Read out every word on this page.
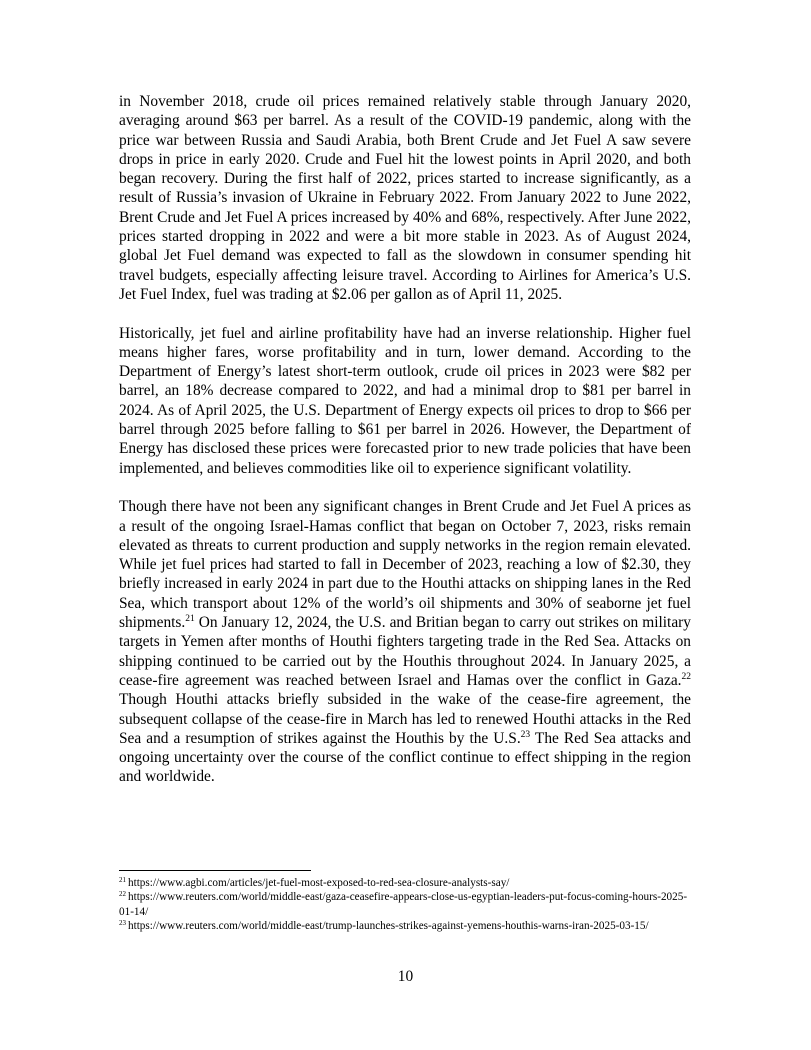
in November 2018, crude oil prices remained relatively stable through January 2020, averaging around $63 per barrel. As a result of the COVID-19 pandemic, along with the price war between Russia and Saudi Arabia, both Brent Crude and Jet Fuel A saw severe drops in price in early 2020. Crude and Fuel hit the lowest points in April 2020, and both began recovery. During the first half of 2022, prices started to increase significantly, as a result of Russia’s invasion of Ukraine in February 2022. From January 2022 to June 2022, Brent Crude and Jet Fuel A prices increased by 40% and 68%, respectively. After June 2022, prices started dropping in 2022 and were a bit more stable in 2023. As of August 2024, global Jet Fuel demand was expected to fall as the slowdown in consumer spending hit travel budgets, especially affecting leisure travel. According to Airlines for America’s U.S. Jet Fuel Index, fuel was trading at $2.06 per gallon as of April 11, 2025.

Historically, jet fuel and airline profitability have had an inverse relationship. Higher fuel means higher fares, worse profitability and in turn, lower demand. According to the Department of Energy’s latest short-term outlook, crude oil prices in 2023 were $82 per barrel, an 18% decrease compared to 2022, and had a minimal drop to $81 per barrel in 2024. As of April 2025, the U.S. Department of Energy expects oil prices to drop to $66 per barrel through 2025 before falling to $61 per barrel in 2026. However, the Department of Energy has disclosed these prices were forecasted prior to new trade policies that have been implemented, and believes commodities like oil to experience significant volatility.

Though there have not been any significant changes in Brent Crude and Jet Fuel A prices as a result of the ongoing Israel-Hamas conflict that began on October 7, 2023, risks remain elevated as threats to current production and supply networks in the region remain elevated. While jet fuel prices had started to fall in December of 2023, reaching a low of $2.30, they briefly increased in early 2024 in part due to the Houthi attacks on shipping lanes in the Red Sea, which transport about 12% of the world’s oil shipments and 30% of seaborne jet fuel shipments.$^{21}$ On January 12, 2024, the U.S. and Britian began to carry out strikes on military targets in Yemen after months of Houthi fighters targeting trade in the Red Sea. Attacks on shipping continued to be carried out by the Houthis throughout 2024. In January 2025, a cease-fire agreement was reached between Israel and Hamas over the conflict in Gaza.$^{22}$ Though Houthi attacks briefly subsided in the wake of the cease-fire agreement, the subsequent collapse of the cease-fire in March has led to renewed Houthi attacks in the Red Sea and a resumption of strikes against the Houthis by the U.S.$^{23}$ The Red Sea attacks and ongoing uncertainty over the course of the conflict continue to effect shipping in the region and worldwide.

$^{21}$ https://www.agbi.com/articles/jet-fuel-most-exposed-to-red-sea-closure-analysts-say/
$^{22}$ https://www.reuters.com/world/middle-east/gaza-ceasefire-appears-close-us-egyptian-leaders-put-focus-coming-hours-2025-01-14/
$^{23}$ https://www.reuters.com/world/middle-east/trump-launches-strikes-against-yemens-houthis-warns-iran-2025-03-15/
10
